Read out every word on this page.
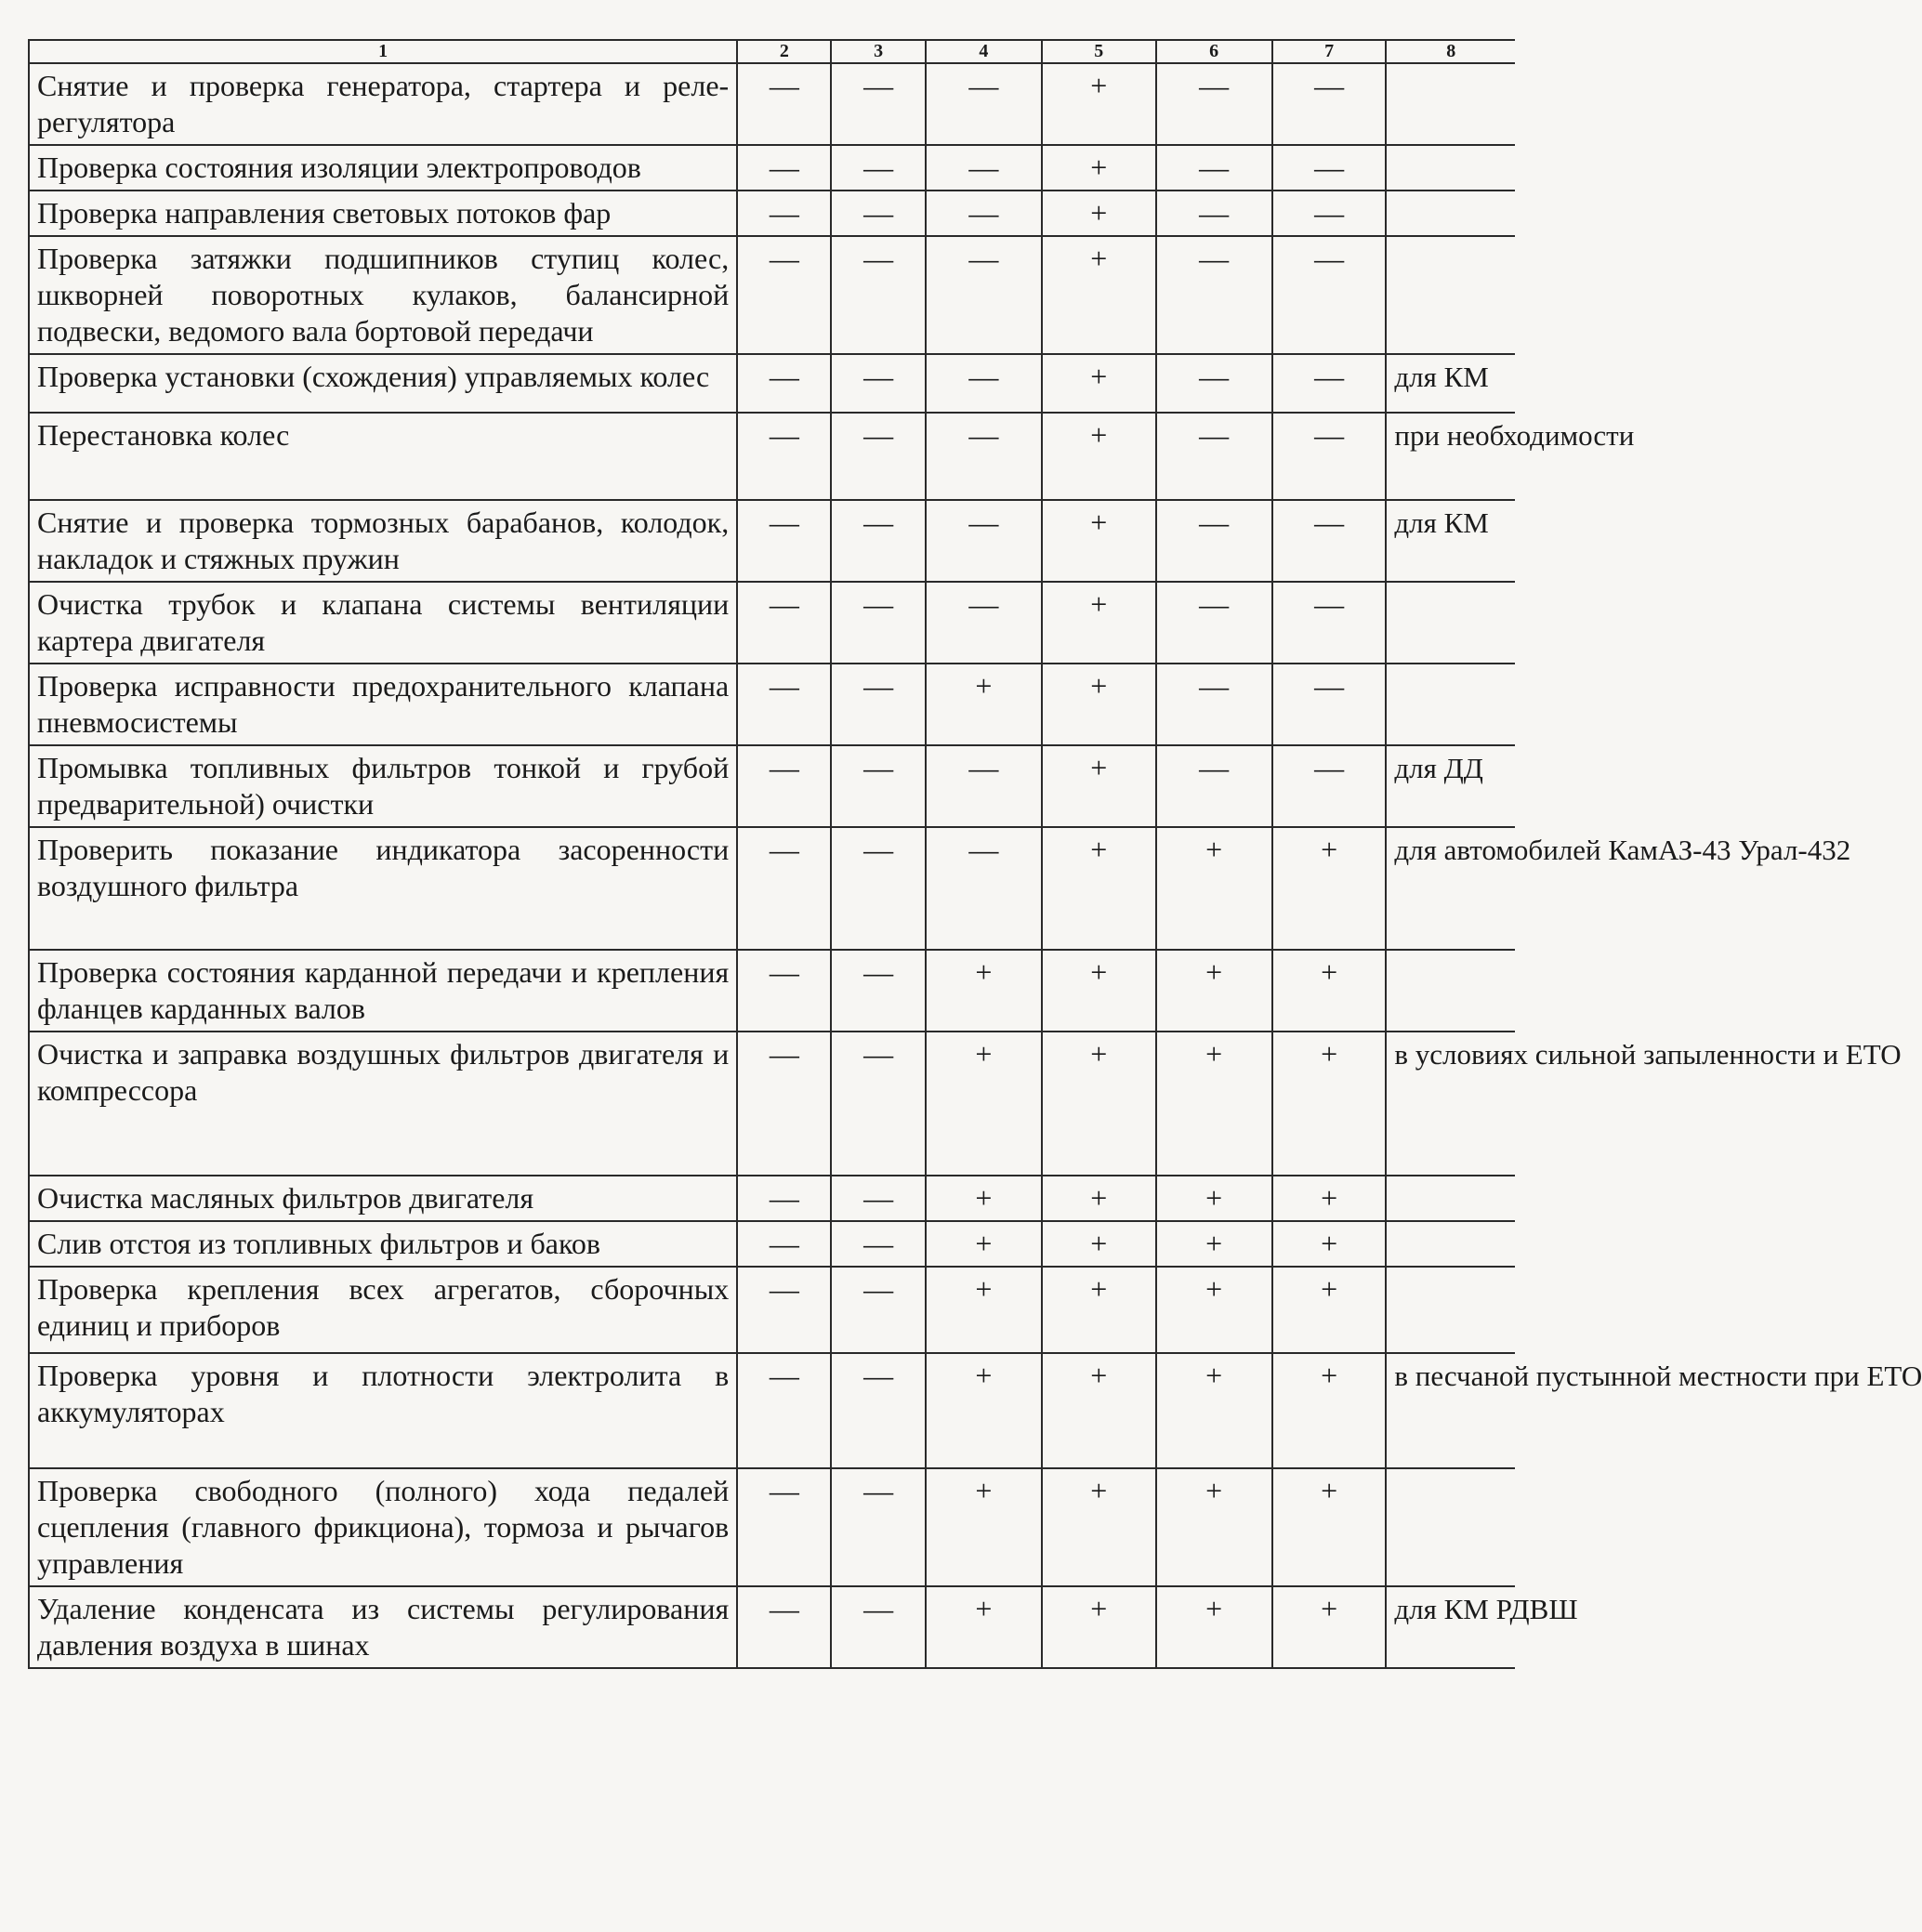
1	2	3	4	5	6	7	8
Снятие и проверка генератора, стартера и реле-регулятора	—	—	—	+	—	—	
Проверка состояния изоляции электропроводов	—	—	—	+	—	—	
Проверка направления световых потоков фар	—	—	—	+	—	—	
Проверка затяжки подшипников ступиц колес, шкворней поворотных кулаков, балансирной подвески, ведомого вала бортовой передачи	—	—	—	+	—	—	
Проверка установки (схождения) управляемых колес	—	—	—	+	—	—	для КМ
Перестановка колес	—	—	—	+	—	—	при необходимости
Снятие и проверка тормозных барабанов, колодок, накладок и стяжных пружин	—	—	—	+	—	—	для КМ
Очистка трубок и клапана системы вентиляции картера двигателя	—	—	—	+	—	—	
Проверка исправности предохранительного клапана пневмосистемы	—	—	+	+	—	—	
Промывка топливных фильтров тонкой и грубой предварительной) очистки	—	—	—	+	—	—	для ДД
Проверить показание индикатора засоренности воздушного фильтра	—	—	—	+	+	+	для автомобилей КамАЗ-43 Урал-432
Проверка состояния карданной передачи и крепления фланцев карданных валов	—	—	+	+	+	+	
Очистка и заправка воздушных фильтров двигателя и компрессора	—	—	+	+	+	+	в условиях сильной запыленности и ЕТО
Очистка масляных фильтров двигателя	—	—	+	+	+	+	
Слив отстоя из топливных фильтров и баков	—	—	+	+	+	+	
Проверка крепления всех агрегатов, сборочных единиц и приборов	—	—	+	+	+	+	
Проверка уровня и плотности электролита в аккумуляторах	—	—	+	+	+	+	в песчаной пустынной местности при ЕТО
Проверка свободного (полного) хода педалей сцепления (главного фрикциона), тормоза и рычагов управления	—	—	+	+	+	+	
Удаление конденсата из системы регулирования давления воздуха в шинах	—	—	+	+	+	+	для КМ РДВШ
